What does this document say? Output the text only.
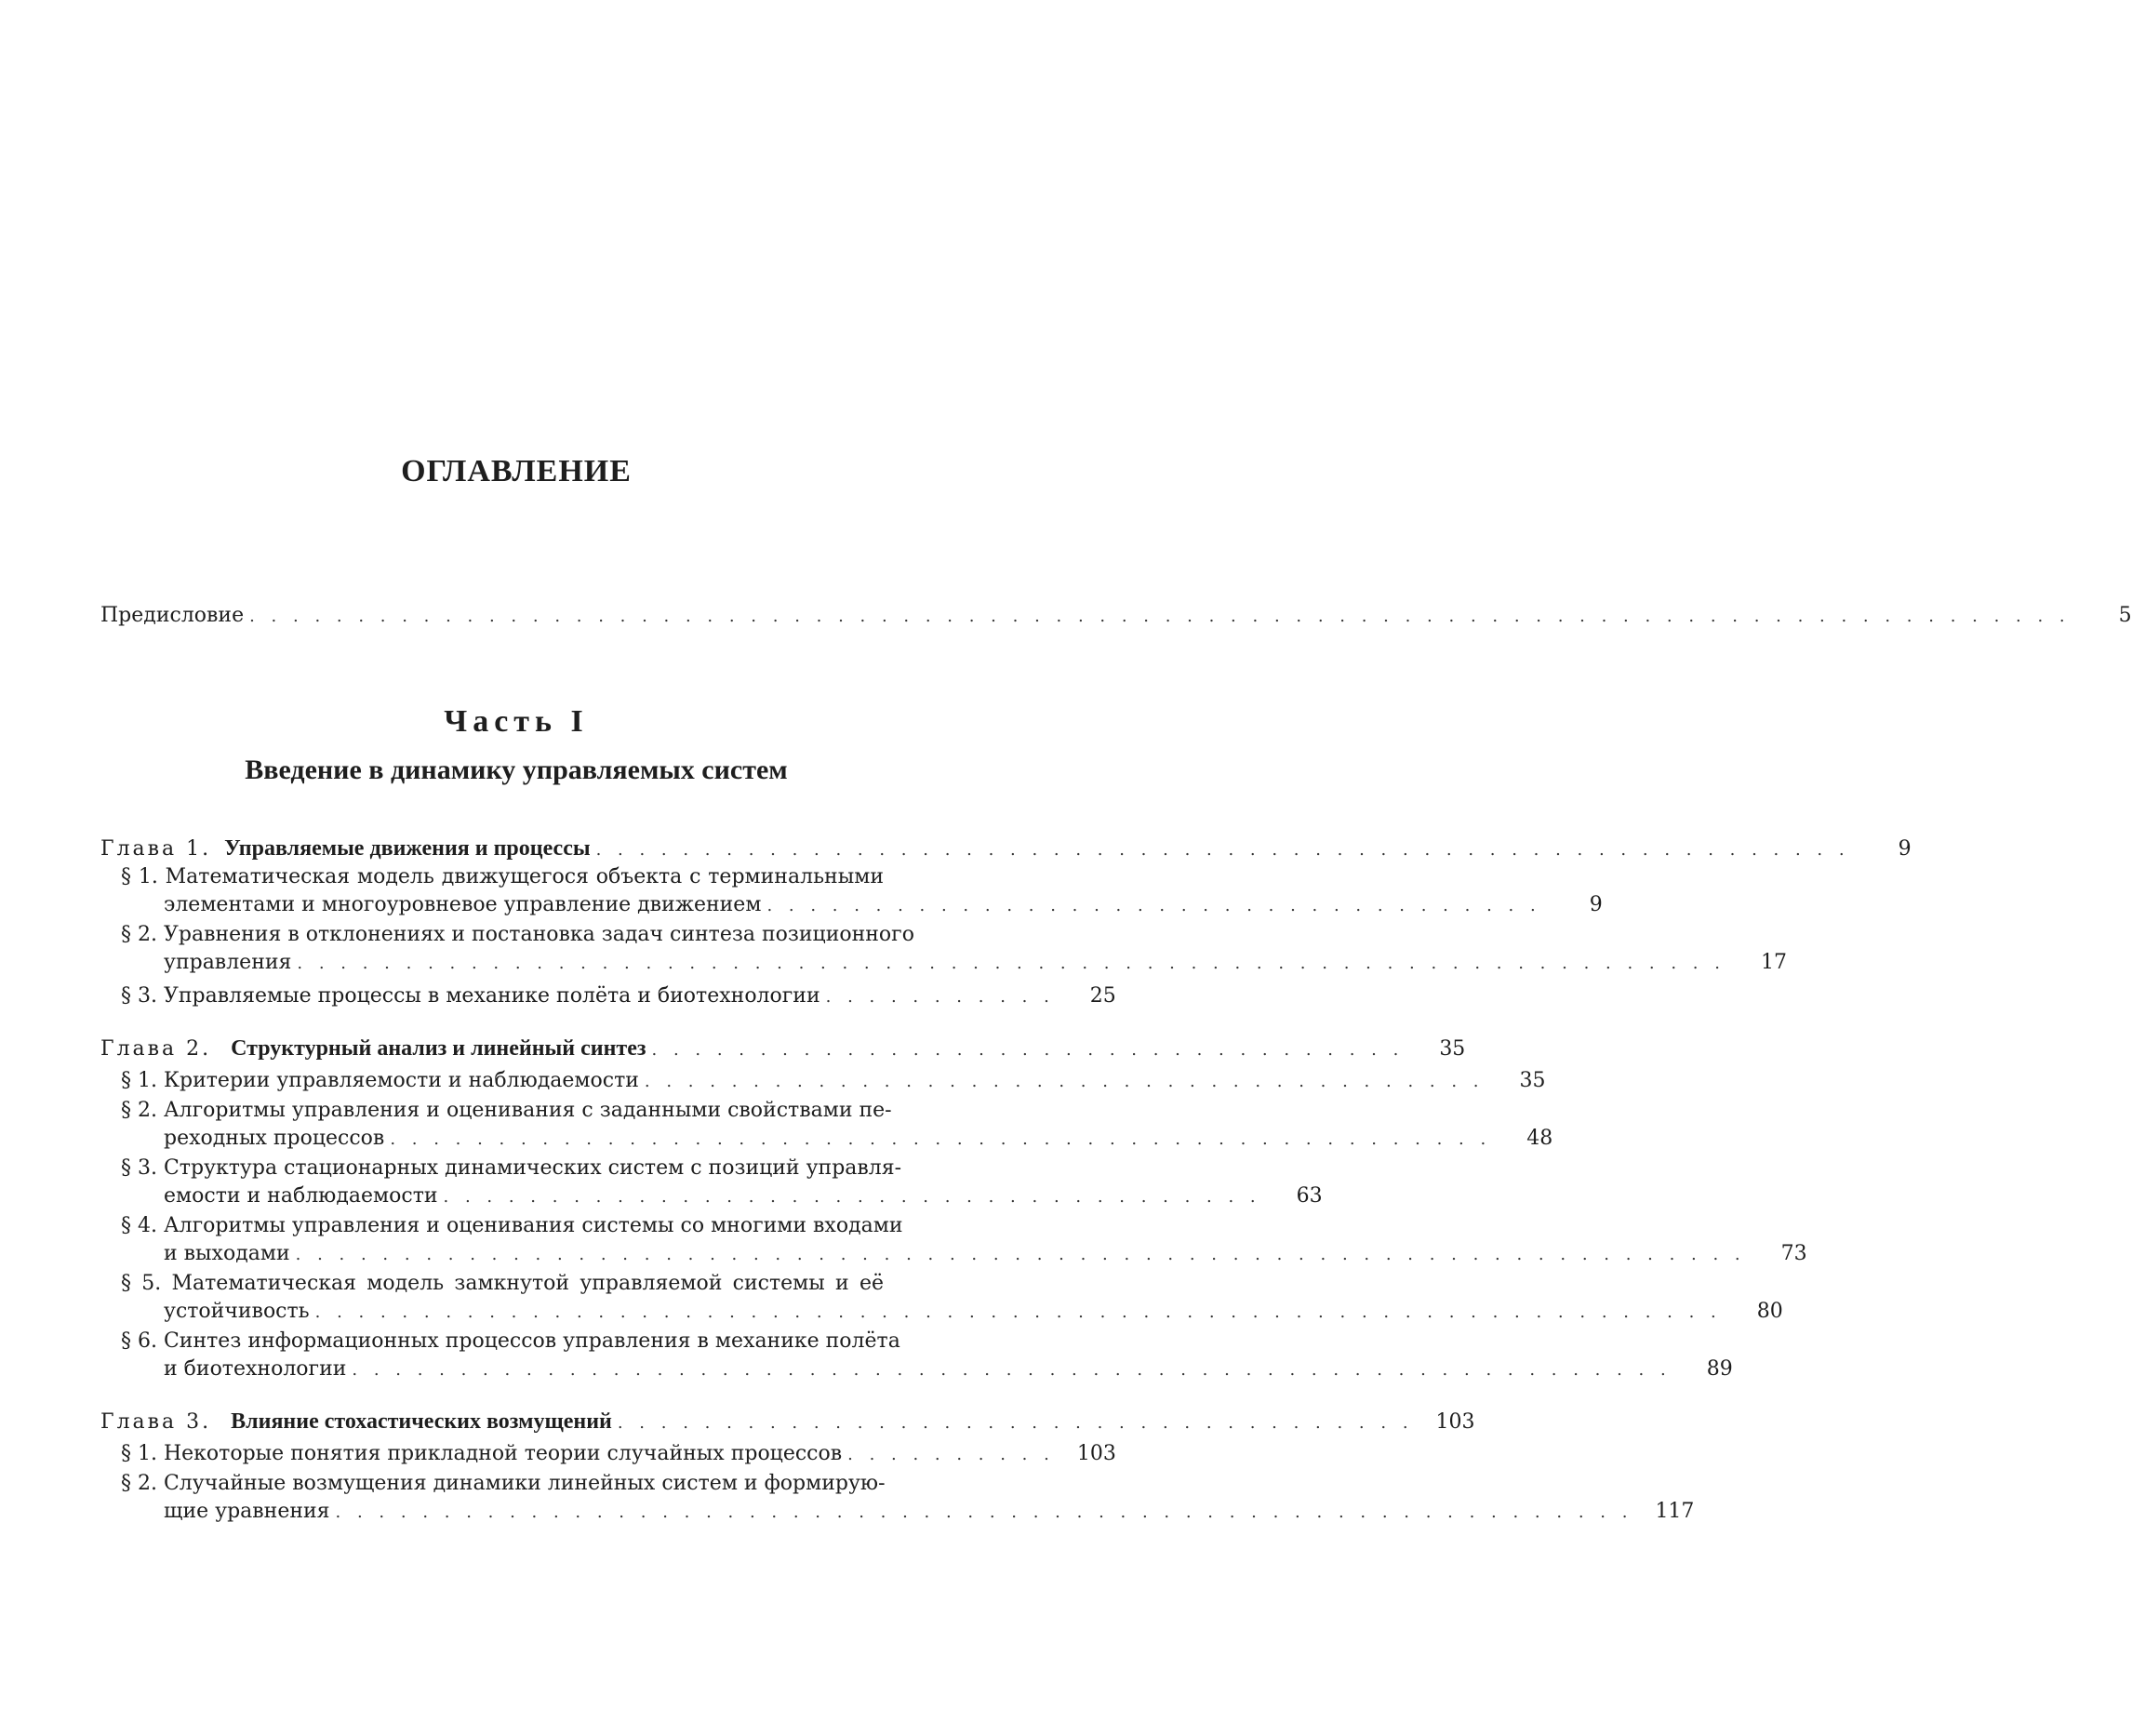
ОГЛАВЛЕНИЕ
Предисловие . . . . . . . . . . . . . . . . . . . . . . . . . . . . . . . . . . . . . . . . . . . . . . . . . . . . . . . . . . . . . . . . . . . . . . . . . . . . . . . . . . . .	5
Часть I
Введение в динамику управляемых систем
Глава 1. Управляемые движения и процессы . . . . . . . . . . . . . . . . . . . . . . . . . . . . . . . . . . . . . . . . . . . . . . . . . . . . . . . . . .	9
§ 1. Математическая модель движущегося объекта с терминальными
элементами и многоуровневое управление движением . . . . . . . . . . . . . . . . . . . . . . . . . . . . . . . . . . . .	9
§ 2. Уравнения в отклонениях и постановка задач синтеза позиционного
управления . . . . . . . . . . . . . . . . . . . . . . . . . . . . . . . . . . . . . . . . . . . . . . . . . . . . . . . . . . . . . . . . . .	17
§ 3. Управляемые процессы в механике полёта и биотехнологии . . . . . . . . . . .	25
Глава 2. Структурный анализ и линейный синтез . . . . . . . . . . . . . . . . . . . . . . . . . . . . . . . . . . .	35
§ 1. Критерии управляемости и наблюдаемости . . . . . . . . . . . . . . . . . . . . . . . . . . . . . . . . . . . . . . .	35
§ 2. Алгоритмы управления и оценивания с заданными свойствами пе-
реходных процессов . . . . . . . . . . . . . . . . . . . . . . . . . . . . . . . . . . . . . . . . . . . . . . . . . . .	48
§ 3. Структура стационарных динамических систем с позиций управля-
емости и наблюдаемости . . . . . . . . . . . . . . . . . . . . . . . . . . . . . . . . . . . . . .	63
§ 4. Алгоритмы управления и оценивания системы со многими входами
и выходами . . . . . . . . . . . . . . . . . . . . . . . . . . . . . . . . . . . . . . . . . . . . . . . . . . . . . . . . . . . . . . . . . . .	73
§ 5. Математическая модель замкнутой управляемой системы и её
устойчивость . . . . . . . . . . . . . . . . . . . . . . . . . . . . . . . . . . . . . . . . . . . . . . . . . . . . . . . . . . . . . . . . .	80
§ 6. Синтез информационных процессов управления в механике полёта
и биотехнологии . . . . . . . . . . . . . . . . . . . . . . . . . . . . . . . . . . . . . . . . . . . . . . . . . . . . . . . . . . . . .	89
Глава 3. Влияние стохастических возмущений . . . . . . . . . . . . . . . . . . . . . . . . . . . . . . . . . . . . .	103
§ 1. Некоторые понятия прикладной теории случайных процессов . . . . . . . . . .	103
§ 2. Случайные возмущения динамики линейных систем и формирую-
щие уравнения . . . . . . . . . . . . . . . . . . . . . . . . . . . . . . . . . . . . . . . . . . . . . . . . . . . . . . . . . . . .	117
